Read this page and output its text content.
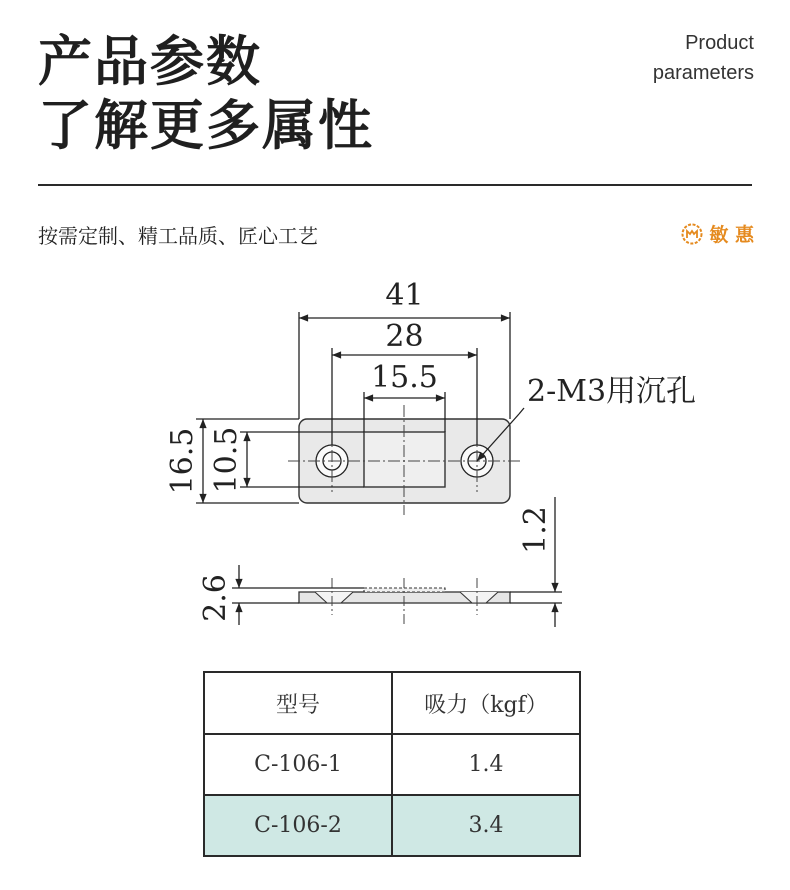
产品参数
了解更多属性
Product
parameters
按需定制、精工品质、匠心工艺	敏 惠
41
28
15.5
16.5 10.5
1.2
2.6
2-M3用沉孔
型号	吸力（kgf）
C-106-1	1.4
C-106-2	3.4
